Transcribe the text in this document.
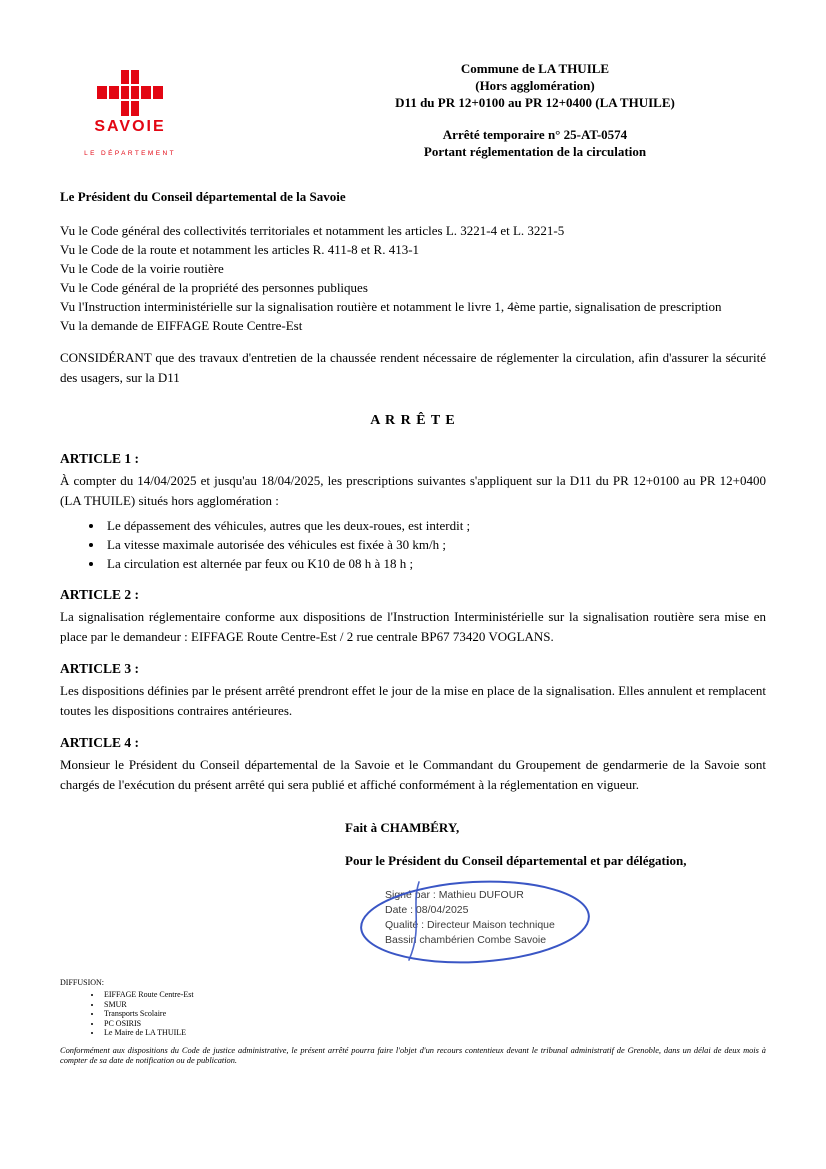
SAVOIE
LE DÉPARTEMENT
Commune de LA THUILE
(Hors agglomération)
D11 du PR 12+0100 au PR 12+0400 (LA THUILE)
Arrêté temporaire n° 25-AT-0574
Portant réglementation de la circulation

Le Président du Conseil départemental de la Savoie

Vu le Code général des collectivités territoriales et notamment les articles L. 3221-4 et L. 3221-5

Vu le Code de la route et notamment les articles R. 411-8 et R. 413-1

Vu le Code de la voirie routière

Vu le Code général de la propriété des personnes publiques

Vu l'Instruction interministérielle sur la signalisation routière et notamment le livre 1, 4ème partie, signalisation de prescription

Vu la demande de EIFFAGE Route Centre-Est

CONSIDÉRANT que des travaux d'entretien de la chaussée rendent nécessaire de réglementer la circulation, afin d'assurer la sécurité des usagers, sur la D11

A R R Ê T E
ARTICLE 1 :

À compter du 14/04/2025 et jusqu'au 18/04/2025, les prescriptions suivantes s'appliquent sur la D11 du PR 12+0100 au PR 12+0400 (LA THUILE) situés hors agglomération :

• Le dépassement des véhicules, autres que les deux-roues, est interdit ;
• La vitesse maximale autorisée des véhicules est fixée à 30 km/h ;
• La circulation est alternée par feux ou K10 de 08 h à 18 h ;
ARTICLE 2 :

La signalisation réglementaire conforme aux dispositions de l'Instruction Interministérielle sur la signalisation routière sera mise en place par le demandeur : EIFFAGE Route Centre-Est / 2 rue centrale BP67 73420 VOGLANS.

ARTICLE 3 :

Les dispositions définies par le présent arrêté prendront effet le jour de la mise en place de la signalisation. Elles annulent et remplacent toutes les dispositions contraires antérieures.

ARTICLE 4 :

Monsieur le Président du Conseil départemental de la Savoie et le Commandant du Groupement de gendarmerie de la Savoie sont chargés de l'exécution du présent arrêté qui sera publié et affiché conformément à la réglementation en vigueur.

Fait à CHAMBÉRY,

Pour le Président du Conseil départemental et par délégation,

Signé par : Mathieu DUFOUR

Date : 08/04/2025

Qualité : Directeur Maison technique

Bassin chambérien Combe Savoie

DIFFUSION:
• EIFFAGE Route Centre-Est
• SMUR
• Transports Scolaire
• PC OSIRIS
• Le Maire de LA THUILE

Conformément aux dispositions du Code de justice administrative, le présent arrêté pourra faire l'objet d'un recours contentieux devant le tribunal administratif de Grenoble, dans un délai de deux mois à compter de sa date de notification ou de publication.
